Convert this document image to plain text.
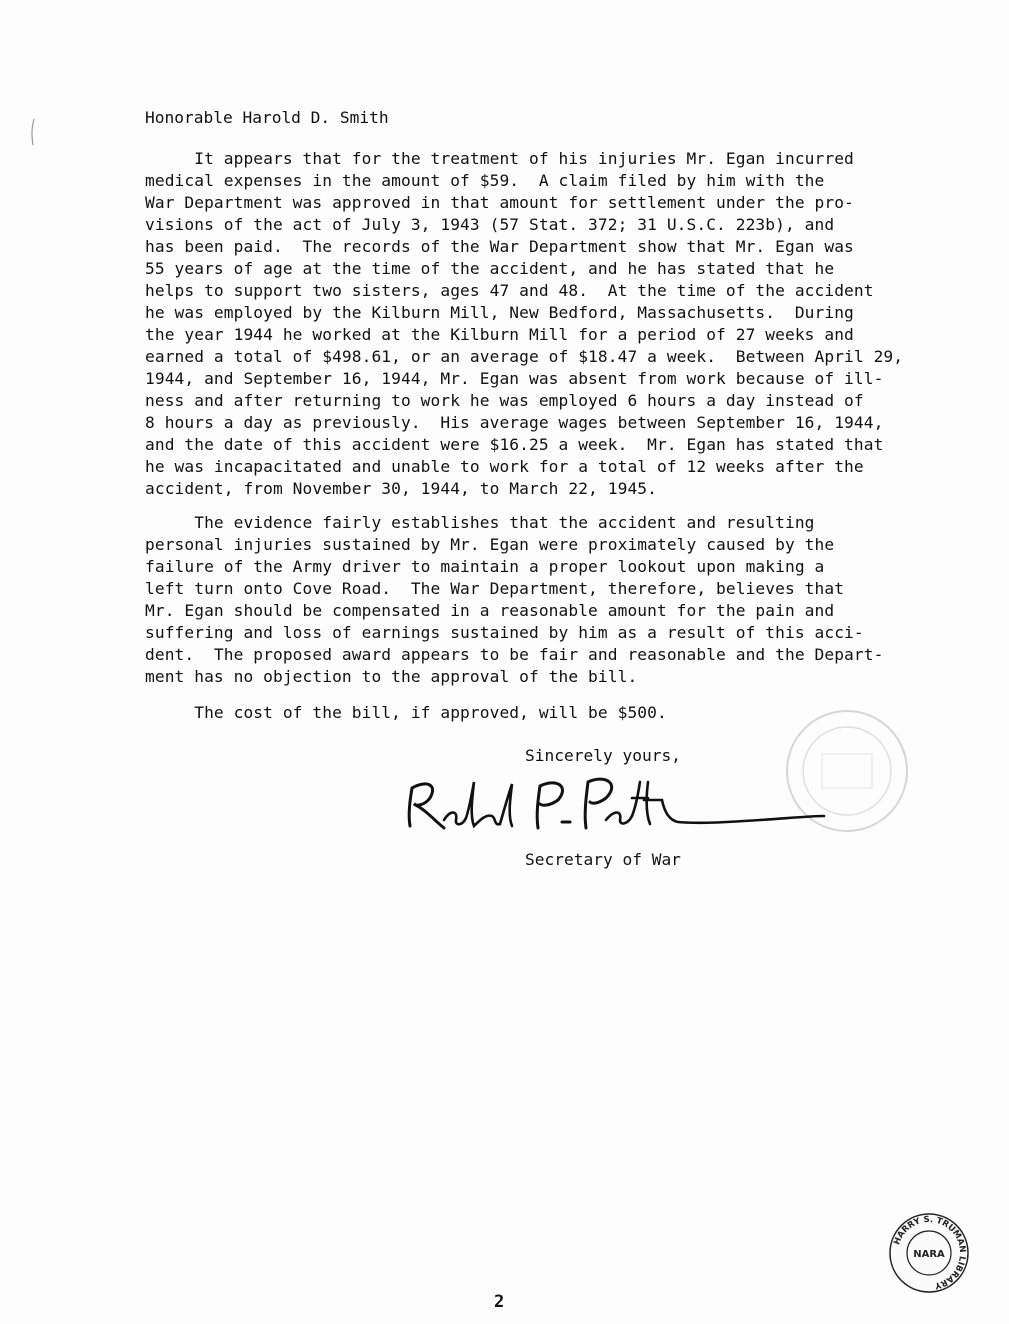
Honorable Harold D. Smith
It appears that for the treatment of his injuries Mr. Egan incurred
medical expenses in the amount of $59.  A claim filed by him with the
War Department was approved in that amount for settlement under the pro-
visions of the act of July 3, 1943 (57 Stat. 372; 31 U.S.C. 223b), and
has been paid.  The records of the War Department show that Mr. Egan was
55 years of age at the time of the accident, and he has stated that he
helps to support two sisters, ages 47 and 48.  At the time of the accident
he was employed by the Kilburn Mill, New Bedford, Massachusetts.  During
the year 1944 he worked at the Kilburn Mill for a period of 27 weeks and
earned a total of $498.61, or an average of $18.47 a week.  Between April 29,
1944, and September 16, 1944, Mr. Egan was absent from work because of ill-
ness and after returning to work he was employed 6 hours a day instead of
8 hours a day as previously.  His average wages between September 16, 1944,
and the date of this accident were $16.25 a week.  Mr. Egan has stated that
he was incapacitated and unable to work for a total of 12 weeks after the
accident, from November 30, 1944, to March 22, 1945.
The evidence fairly establishes that the accident and resulting
personal injuries sustained by Mr. Egan were proximately caused by the
failure of the Army driver to maintain a proper lookout upon making a
left turn onto Cove Road.  The War Department, therefore, believes that
Mr. Egan should be compensated in a reasonable amount for the pain and
suffering and loss of earnings sustained by him as a result of this acci-
dent.  The proposed award appears to be fair and reasonable and the Depart-
ment has no objection to the approval of the bill.
The cost of the bill, if approved, will be $500.
Sincerely yours,
Secretary of War
HARRY S. TRUMAN LIBRARY
NARA
2
